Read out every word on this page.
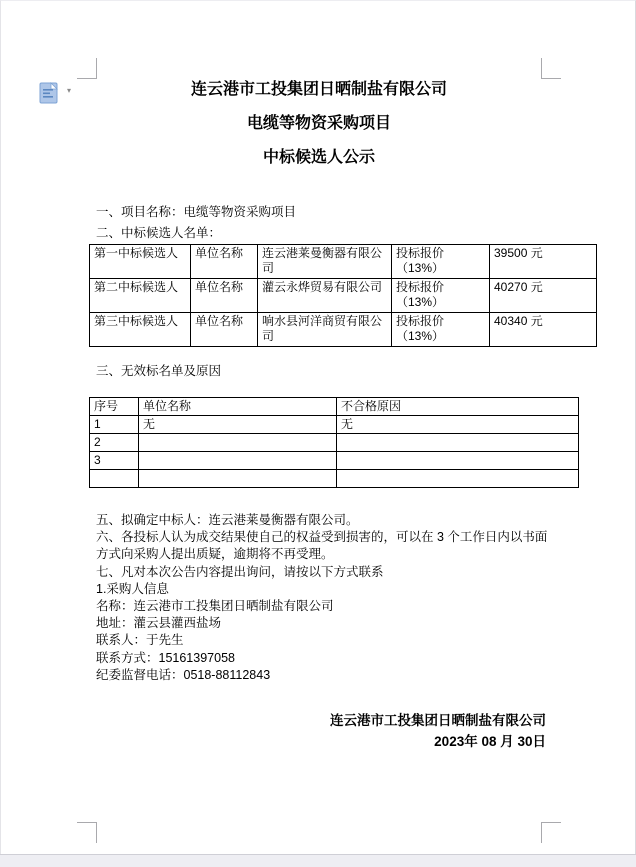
▾	连云港市工投集团日晒制盐有限公司
电缆等物资采购项目
中标候选人公示
一、项目名称：电缆等物资采购项目
二、中标候选人名单：
第一中标候选人	单位名称	连云港莱曼衡器有限公司	投标报价（13%）	39500 元
第二中标候选人	单位名称	灌云永烨贸易有限公司	投标报价（13%）	40270 元
第三中标候选人	单位名称	响水县河洋商贸有限公司	投标报价（13%）	40340 元
三、无效标名单及原因
序号	单位名称	不合格原因
1	无	无
2		
3		

五、拟确定中标人：连云港莱曼衡器有限公司。

六、各投标人认为成交结果使自己的权益受到损害的，可以在 3 个工作日内以书面方式向采购人提出质疑，逾期将不再受理。

七、凡对本次公告内容提出询问，请按以下方式联系

1.采购人信息

名称：连云港市工投集团日晒制盐有限公司

地址：灌云县灌西盐场

联系人：于先生

联系方式：15161397058

纪委监督电话：0518-88112843

连云港市工投集团日晒制盐有限公司
2023年 08 月 30日
